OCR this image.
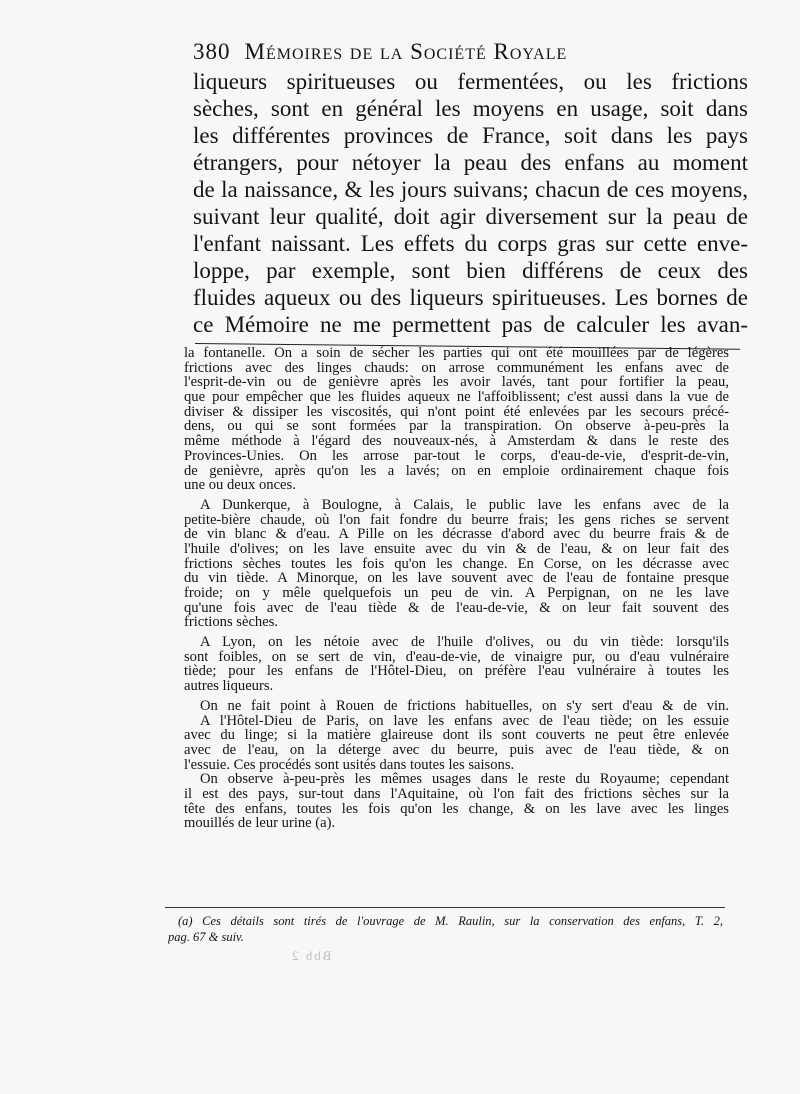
380 Mémoires de la Société Royale
liqueurs spiritueuses ou fermentées, ou les frictions
sèches, sont en général les moyens en usage, soit dans
les différentes provinces de France, soit dans les pays
étrangers, pour nétoyer la peau des enfans au moment
de la naissance, & les jours suivans; chacun de ces moyens,
suivant leur qualité, doit agir diversement sur la peau de
l'enfant naissant. Les effets du corps gras sur cette enve-
loppe, par exemple, sont bien différens de ceux des
fluides aqueux ou des liqueurs spiritueuses. Les bornes de
ce Mémoire ne me permettent pas de calculer les avan-
la fontanelle. On a soin de sécher les parties qui ont été mouillées par de légères
frictions avec des linges chauds: on arrose communément les enfans avec de
l'esprit-de-vin ou de genièvre après les avoir lavés, tant pour fortifier la peau,
que pour empêcher que les fluides aqueux ne l'affoiblissent; c'est aussi dans la vue de
diviser & dissiper les viscosités, qui n'ont point été enlevées par les secours précé-
dens, ou qui se sont formées par la transpiration. On observe à-peu-près la
même méthode à l'égard des nouveaux-nés, à Amsterdam & dans le reste des
Provinces-Unies. On les arrose par-tout le corps, d'eau-de-vie, d'esprit-de-vin,
de genièvre, après qu'on les a lavés; on en emploie ordinairement chaque fois
une ou deux onces.
A Dunkerque, à Boulogne, à Calais, le public lave les enfans avec de la
petite-bière chaude, où l'on fait fondre du beurre frais; les gens riches se servent
de vin blanc & d'eau. A Pille on les décrasse d'abord avec du beurre frais & de
l'huile d'olives; on les lave ensuite avec du vin & de l'eau, & on leur fait des
frictions sèches toutes les fois qu'on les change. En Corse, on les décrasse avec
du vin tiède. A Minorque, on les lave souvent avec de l'eau de fontaine presque
froide; on y mêle quelquefois un peu de vin. A Perpignan, on ne les lave
qu'une fois avec de l'eau tiède & de l'eau-de-vie, & on leur fait souvent des
frictions sèches.
A Lyon, on les nétoie avec de l'huile d'olives, ou du vin tiède: lorsqu'ils
sont foibles, on se sert de vin, d'eau-de-vie, de vinaigre pur, ou d'eau vulnéraire
tiède; pour les enfans de l'Hôtel-Dieu, on préfère l'eau vulnéraire à toutes les
autres liqueurs.
On ne fait point à Rouen de frictions habituelles, on s'y sert d'eau & de vin.
A l'Hôtel-Dieu de Paris, on lave les enfans avec de l'eau tiède; on les essuie
avec du linge; si la matière glaireuse dont ils sont couverts ne peut être enlevée
avec de l'eau, on la déterge avec du beurre, puis avec de l'eau tiède, & on
l'essuie. Ces procédés sont usités dans toutes les saisons.
On observe à-peu-près les mêmes usages dans le reste du Royaume; cependant
il est des pays, sur-tout dans l'Aquitaine, où l'on fait des frictions sèches sur la
tête des enfans, toutes les fois qu'on les change, & on les lave avec les linges
mouillés de leur urine (a).
(a) Ces détails sont tirés de l'ouvrage de M. Raulin, sur la conservation des enfans, T. 2,
pag. 67 & suiv.
Bbb 2
